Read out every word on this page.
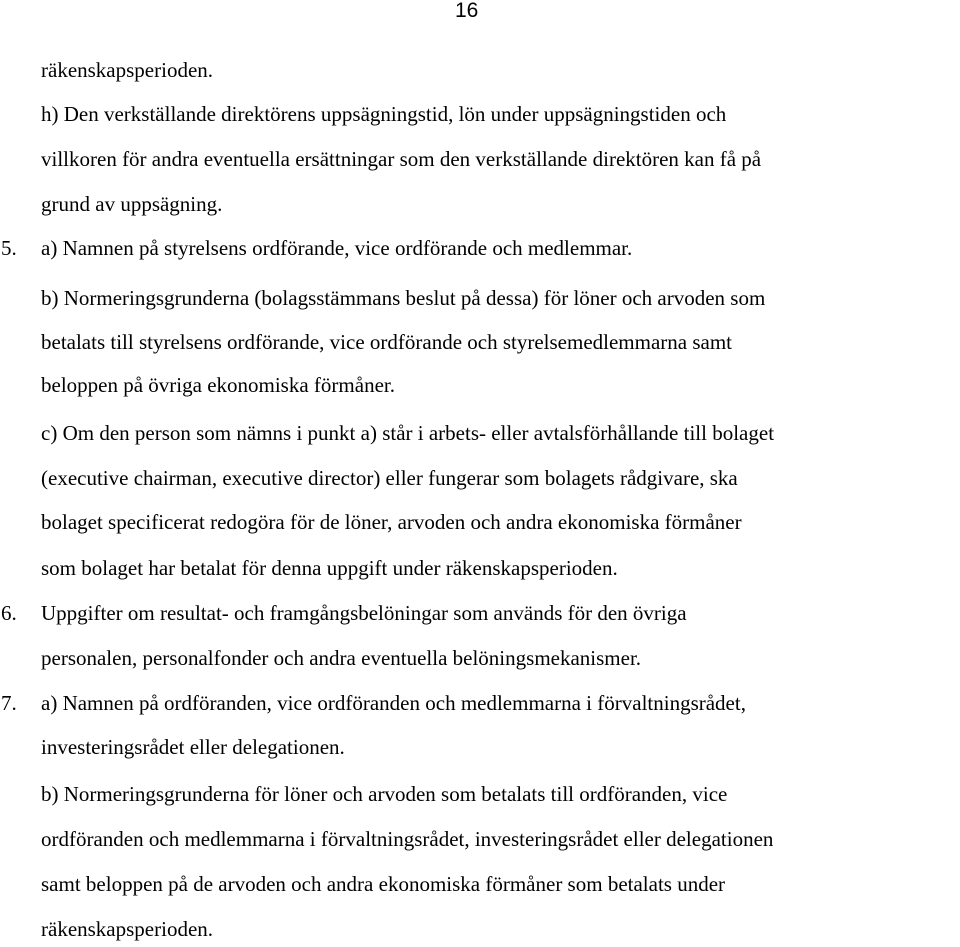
16
räkenskapsperioden.
h) Den verkställande direktörens uppsägningstid, lön under uppsägningstiden och
villkoren för andra eventuella ersättningar som den verkställande direktören kan få på
grund av uppsägning.
5. a) Namnen på styrelsens ordförande, vice ordförande och medlemmar.
b) Normeringsgrunderna (bolagsstämmans beslut på dessa) för löner och arvoden som
betalats till styrelsens ordförande, vice ordförande och styrelsemedlemmarna samt
beloppen på övriga ekonomiska förmåner.
c) Om den person som nämns i punkt a) står i arbets- eller avtalsförhållande till bolaget
(executive chairman, executive director) eller fungerar som bolagets rådgivare, ska
bolaget specificerat redogöra för de löner, arvoden och andra ekonomiska förmåner
som bolaget har betalat för denna uppgift under räkenskapsperioden.
6. Uppgifter om resultat- och framgångsbelöningar som används för den övriga
personalen, personalfonder och andra eventuella belöningsmekanismer.
7. a) Namnen på ordföranden, vice ordföranden och medlemmarna i förvaltningsrådet,
investeringsrådet eller delegationen.
b) Normeringsgrunderna för löner och arvoden som betalats till ordföranden, vice
ordföranden och medlemmarna i förvaltningsrådet, investeringsrådet eller delegationen
samt beloppen på de arvoden och andra ekonomiska förmåner som betalats under
räkenskapsperioden.
